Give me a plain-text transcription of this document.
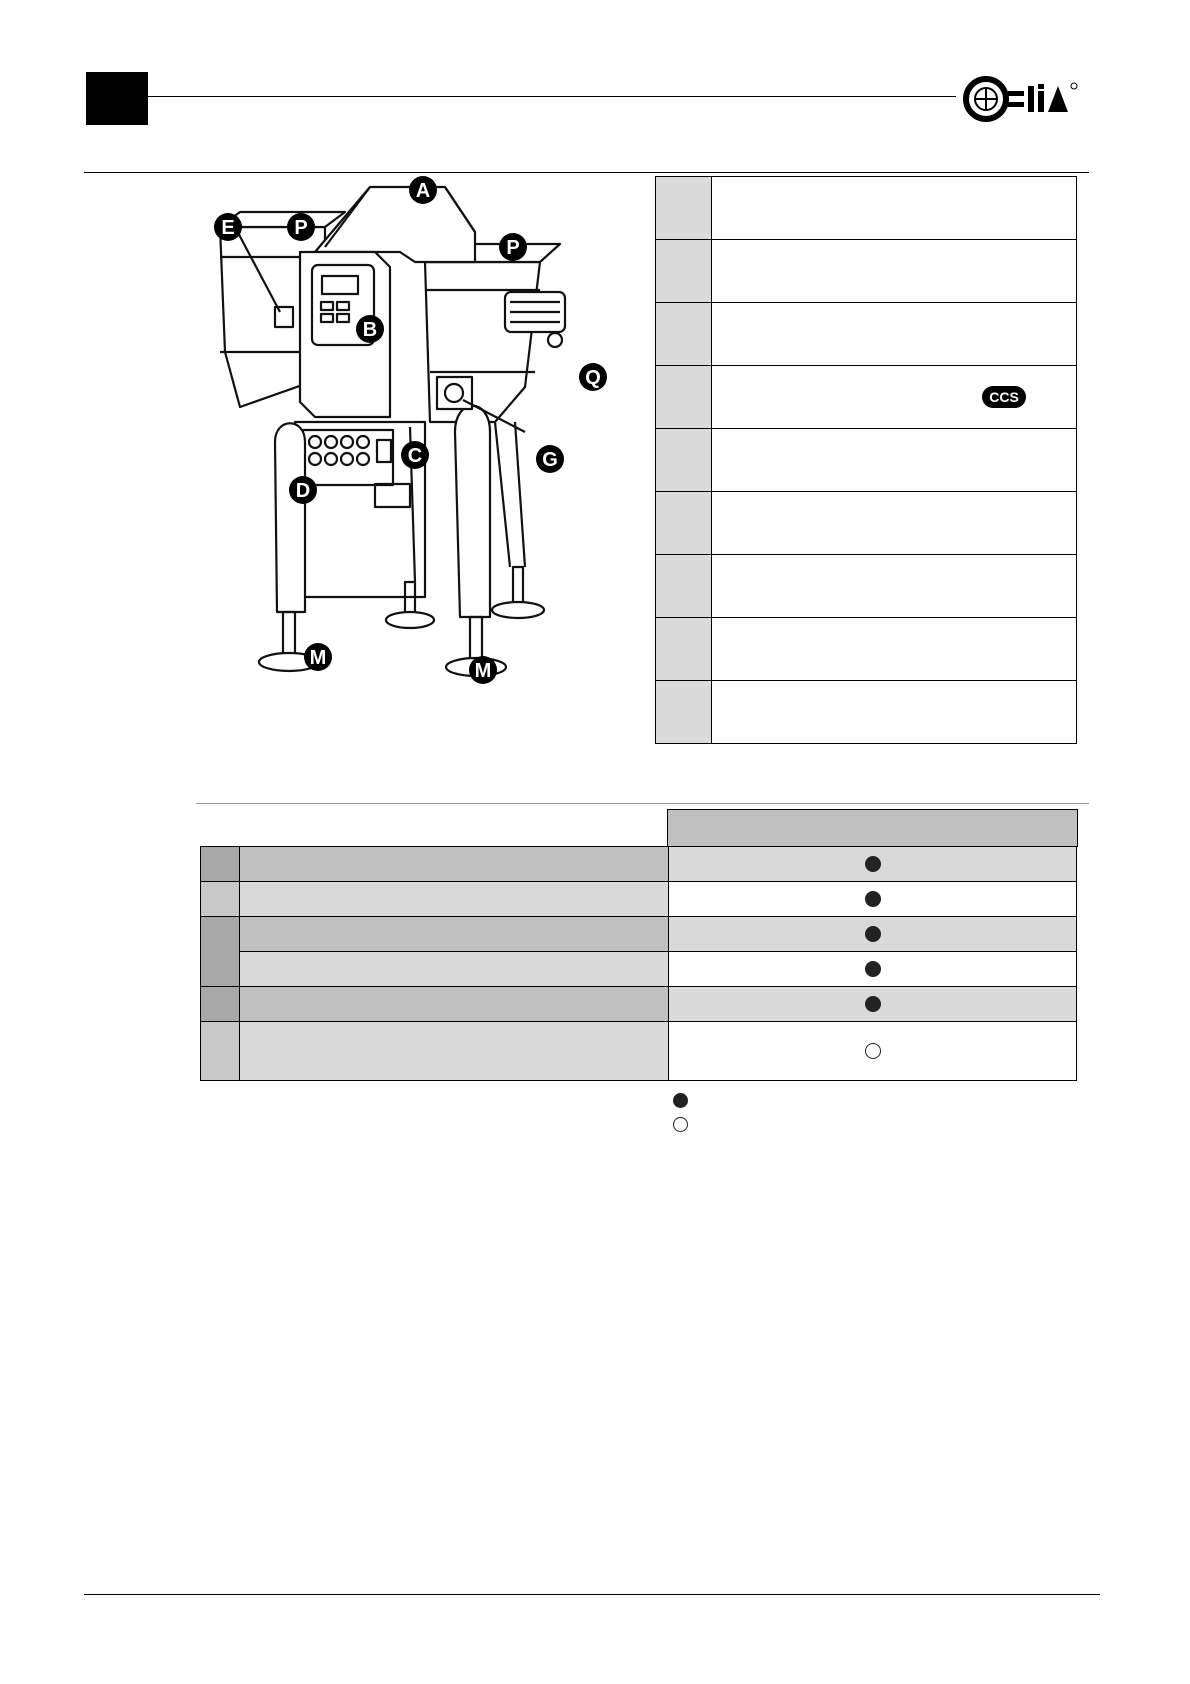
A
E	P
P
B
Q
C	G
D
M
M

	CCS
